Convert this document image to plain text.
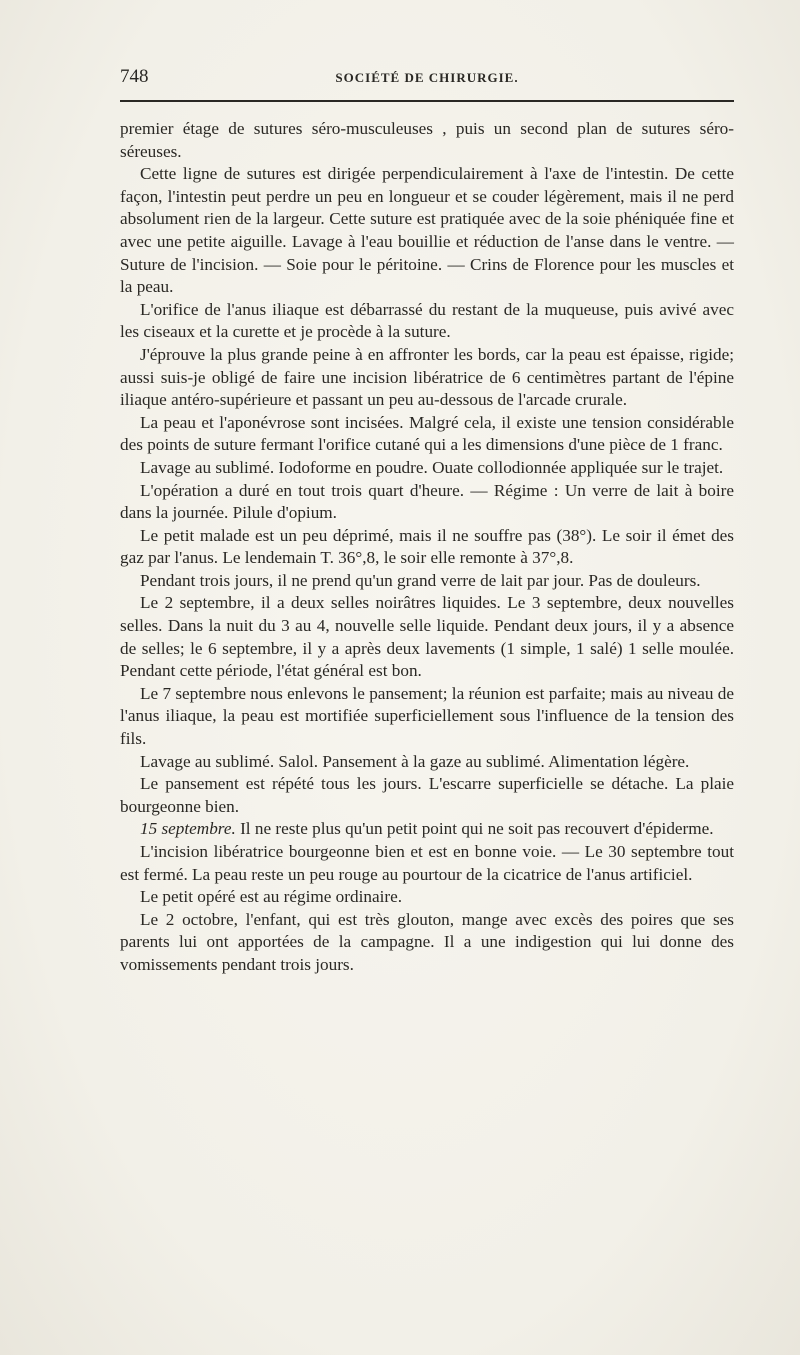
748	SOCIÉTÉ DE CHIRURGIE.

premier étage de sutures séro-musculeuses , puis un second plan de sutures séro-séreuses.

Cette ligne de sutures est dirigée perpendiculairement à l'axe de l'intestin. De cette façon, l'intestin peut perdre un peu en longueur et se couder légèrement, mais il ne perd absolument rien de la largeur. Cette suture est pratiquée avec de la soie phéniquée fine et avec une petite aiguille. Lavage à l'eau bouillie et réduction de l'anse dans le ventre. — Suture de l'incision. — Soie pour le péritoine. — Crins de Florence pour les muscles et la peau.

L'orifice de l'anus iliaque est débarrassé du restant de la muqueuse, puis avivé avec les ciseaux et la curette et je procède à la suture.

J'éprouve la plus grande peine à en affronter les bords, car la peau est épaisse, rigide; aussi suis-je obligé de faire une incision libératrice de 6 centimètres partant de l'épine iliaque antéro-supérieure et passant un peu au-dessous de l'arcade crurale.

La peau et l'aponévrose sont incisées. Malgré cela, il existe une tension considérable des points de suture fermant l'orifice cutané qui a les dimensions d'une pièce de 1 franc.

Lavage au sublimé. Iodoforme en poudre. Ouate collodionnée appliquée sur le trajet.

L'opération a duré en tout trois quart d'heure. — Régime : Un verre de lait à boire dans la journée. Pilule d'opium.

Le petit malade est un peu déprimé, mais il ne souffre pas (38°). Le soir il émet des gaz par l'anus. Le lendemain T. 36°,8, le soir elle remonte à 37°,8.

Pendant trois jours, il ne prend qu'un grand verre de lait par jour. Pas de douleurs.

Le 2 septembre, il a deux selles noirâtres liquides. Le 3 septembre, deux nouvelles selles. Dans la nuit du 3 au 4, nouvelle selle liquide. Pendant deux jours, il y a absence de selles; le 6 septembre, il y a après deux lavements (1 simple, 1 salé) 1 selle moulée. Pendant cette période, l'état général est bon.

Le 7 septembre nous enlevons le pansement; la réunion est parfaite; mais au niveau de l'anus iliaque, la peau est mortifiée superficiellement sous l'influence de la tension des fils.

Lavage au sublimé. Salol. Pansement à la gaze au sublimé. Alimentation légère.

Le pansement est répété tous les jours. L'escarre superficielle se détache. La plaie bourgeonne bien.

15 septembre. Il ne reste plus qu'un petit point qui ne soit pas recouvert d'épiderme.

L'incision libératrice bourgeonne bien et est en bonne voie. — Le 30 septembre tout est fermé. La peau reste un peu rouge au pourtour de la cicatrice de l'anus artificiel.

Le petit opéré est au régime ordinaire.

Le 2 octobre, l'enfant, qui est très glouton, mange avec excès des poires que ses parents lui ont apportées de la campagne. Il a une indigestion qui lui donne des vomissements pendant trois jours.
